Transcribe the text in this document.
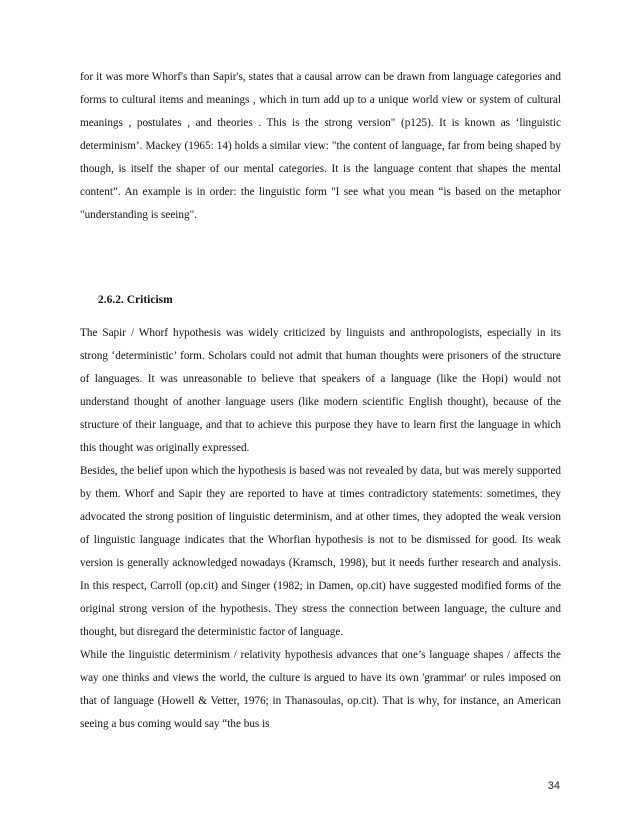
for it was more Whorf's than Sapir's, states that a causal arrow can be drawn from language categories and forms to cultural items and meanings , which in turn add up to a unique world view or system of cultural meanings , postulates , and theories . This is the strong version" (p125). It is known as ‘linguistic determinism’. Mackey (1965: 14) holds a similar view: "the content of language, far from being shaped by though, is itself the shaper of our mental categories. It is the language content that shapes the mental content”. An example is in order: the linguistic form "I see what you mean “is based on the metaphor "understanding is seeing".

2.6.2. Criticism

The Sapir / Whorf hypothesis was widely criticized by linguists and anthropologists, especially in its strong ‘deterministic’ form. Scholars could not admit that human thoughts were prisoners of the structure of languages. It was unreasonable to believe that speakers of a language (like the Hopi) would not understand thought of another language users (like modern scientific English thought), because of the structure of their language, and that to achieve this purpose they have to learn first the language in which this thought was originally expressed.

Besides, the belief upon which the hypothesis is based was not revealed by data, but was merely supported by them. Whorf and Sapir they are reported to have at times contradictory statements: sometimes, they advocated the strong position of linguistic determinism, and at other times, they adopted the weak version of linguistic language indicates that the Whorfian hypothesis is not to be dismissed for good. Its weak version is generally acknowledged nowadays (Kramsch, 1998), but it needs further research and analysis. In this respect, Carroll (op.cit) and Singer (1982; in Damen, op.cit) have suggested modified forms of the original strong version of the hypothesis. They stress the connection between language, the culture and thought, but disregard the deterministic factor of language.

While the linguistic determinism / relativity hypothesis advances that one’s language shapes / affects the way one thinks and views the world, the culture is argued to have its own 'grammar' or rules imposed on that of language (Howell & Vetter, 1976; in Thanasoulas, op.cit). That is why, for instance, an American seeing a bus coming would say “the bus is

34
